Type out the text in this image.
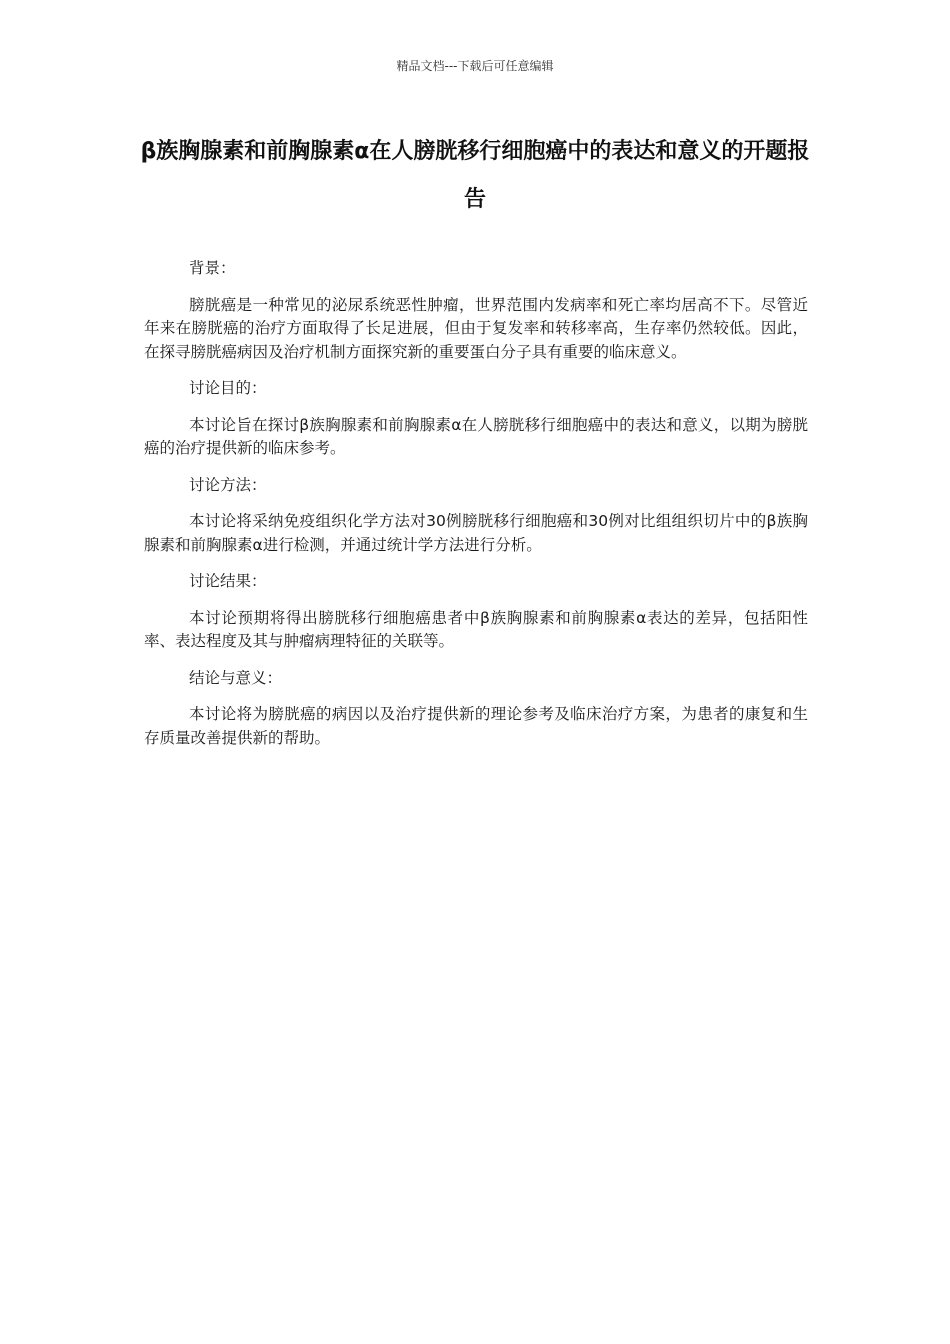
精品文档---下载后可任意编辑
β族胸腺素和前胸腺素α在人膀胱移行细胞癌中的表达和意义的开题报告

背景：

膀胱癌是一种常见的泌尿系统恶性肿瘤，世界范围内发病率和死亡率均居高不下。尽管近年来在膀胱癌的治疗方面取得了长足进展，但由于复发率和转移率高，生存率仍然较低。因此，在探寻膀胱癌病因及治疗机制方面探究新的重要蛋白分子具有重要的临床意义。

讨论目的：

本讨论旨在探讨β族胸腺素和前胸腺素α在人膀胱移行细胞癌中的表达和意义，以期为膀胱癌的治疗提供新的临床参考。

讨论方法：

本讨论将采纳免疫组织化学方法对30例膀胱移行细胞癌和30例对比组组织切片中的β族胸腺素和前胸腺素α进行检测，并通过统计学方法进行分析。

讨论结果：

本讨论预期将得出膀胱移行细胞癌患者中β族胸腺素和前胸腺素α表达的差异，包括阳性率、表达程度及其与肿瘤病理特征的关联等。

结论与意义：

本讨论将为膀胱癌的病因以及治疗提供新的理论参考及临床治疗方案，为患者的康复和生存质量改善提供新的帮助。
